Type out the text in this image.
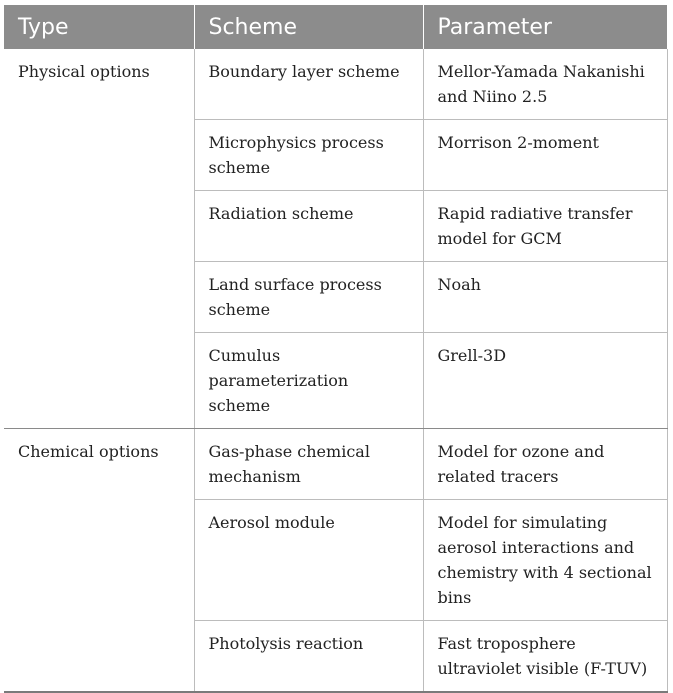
Type	Scheme	Parameter
Physical options	Boundary layer scheme	Mellor-Yamada Nakanishi and Niino 2.5
	Microphysics process scheme	Morrison 2-moment
	Radiation scheme	Rapid radiative transfer model for GCM
	Land surface process scheme	Noah
	Cumulus parameterization scheme	Grell-3D
Chemical options	Gas-phase chemical mechanism	Model for ozone and related tracers
	Aerosol module	Model for simulating aerosol interactions and chemistry with 4 sectional bins
	Photolysis reaction	Fast troposphere ultraviolet visible (F-TUV)
